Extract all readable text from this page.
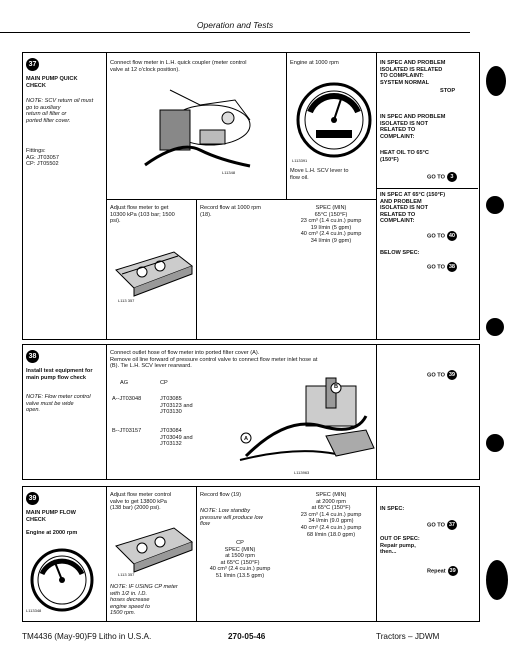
Operation and Tests
37
MAIN PUMP QUICK
CHECK
NOTE: SCV return oil must
go to auxiliary
return oil filter or
ported filter cover.
Fittings:
AG: JT03057
CP: JT05502
Connect flow meter in L.H. quick coupler (meter control
valve at 12 o'clock position).
L11348
Engine at 1000 rpm
L113391
Move L.H. SCV lever to
flow oil.
Adjust flow meter to get
10300 kPa (103 bar; 1500
psi).
L113 357
Record flow at 1000 rpm
(18).
SPEC (MIN)
65°C (150°F)
23 cm³ (1.4 cu.in.) pump
19 l/min (5 gpm)
40 cm³ (2.4 cu.in.) pump
34 l/min (9 gpm)
IN SPEC AND PROBLEM
ISOLATED IS RELATED
TO COMPLAINT:
SYSTEM NORMAL
STOP
IN SPEC AND PROBLEM
ISOLATED IS NOT
RELATED TO
COMPLAINT:
HEAT OIL TO 65°C
(150°F)
GO TO 3
IN SPEC AT 65°C (150°F)
AND PROBLEM
ISOLATED IS NOT
RELATED TO
COMPLAINT:
GO TO 40
BELOW SPEC:
GO TO 38
38
Install test equipment for
main pump flow check
NOTE: Flow meter control
valve must be wide
open.
Connect outlet hose of flow meter into ported filter cover (A).
Remove oil line forward of pressure control valve to connect flow meter inlet hose at
(B). Tie L.H. SCV lever rearward.
AG	CP
A--JT03048	JT03085
JT03123 and
JT03130
B--JT03157	JT03084
JT03049 and
JT03132
B
A
L113963
GO TO 39
39
MAIN PUMP FLOW
CHECK
Engine at 2000 rpm
L113348
Adjust flow meter control
valve to get 13800 kPa
(138 bar) (2000 psi).
L113 357
NOTE: IF USING CP meter
with 1/2 in. I.D.
hoses decrease
engine speed to
1500 rpm.
Record flow (19)
NOTE: Low standby
pressure will produce low
flow
CP
SPEC (MIN)
at 1500 rpm
at 65°C (150°F)
40 cm³ (2.4 cu.in.) pump
51 l/min (13.5 gpm)
SPEC (MIN)
at 2000 rpm
at 65°C (150°F)
23 cm³ (1.4 cu.in.) pump
34 l/min (9.0 gpm)
40 cm³ (2.4 cu.in.) pump
68 l/min (18.0 gpm)
IN SPEC:
GO TO 37
OUT OF SPEC:
Repair pump,
then...
Repeat 39
TM4436 (May-90)F9 Litho in U.S.A.	270-05-46	Tractors – JDWM
